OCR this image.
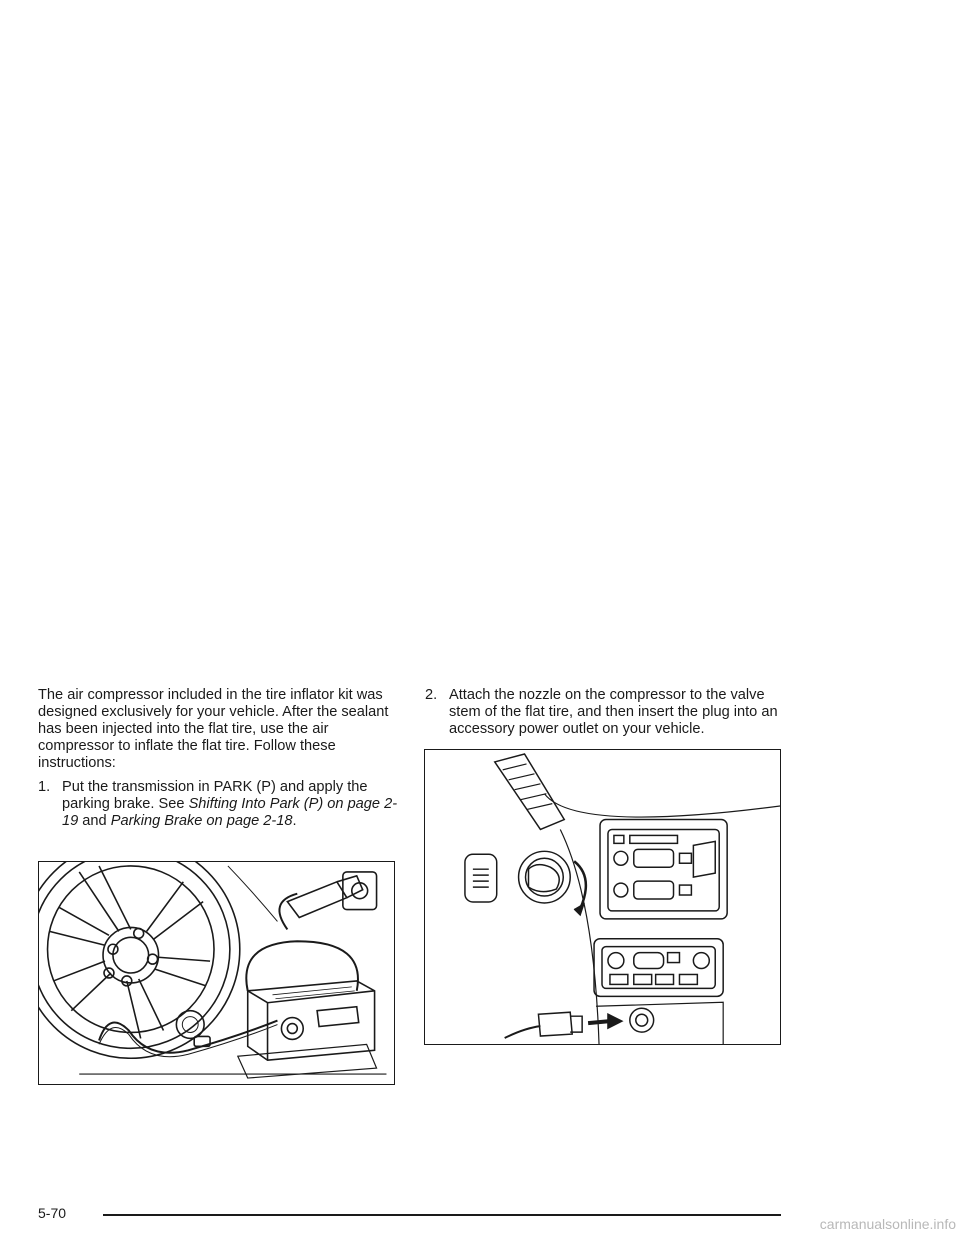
The air compressor included in the tire inflator kit was designed exclusively for your vehicle. After the sealant has been injected into the flat tire, use the air compressor to inflate the flat tire. Follow these instructions:

1. Put the transmission in PARK (P) and apply the parking brake. See Shifting Into Park (P) on page 2-19 and Parking Brake on page 2-18.
2. Attach the nozzle on the compressor to the valve stem of the flat tire, and then insert the plug into an accessory power outlet on your vehicle.
5-70
carmanualsonline.info
